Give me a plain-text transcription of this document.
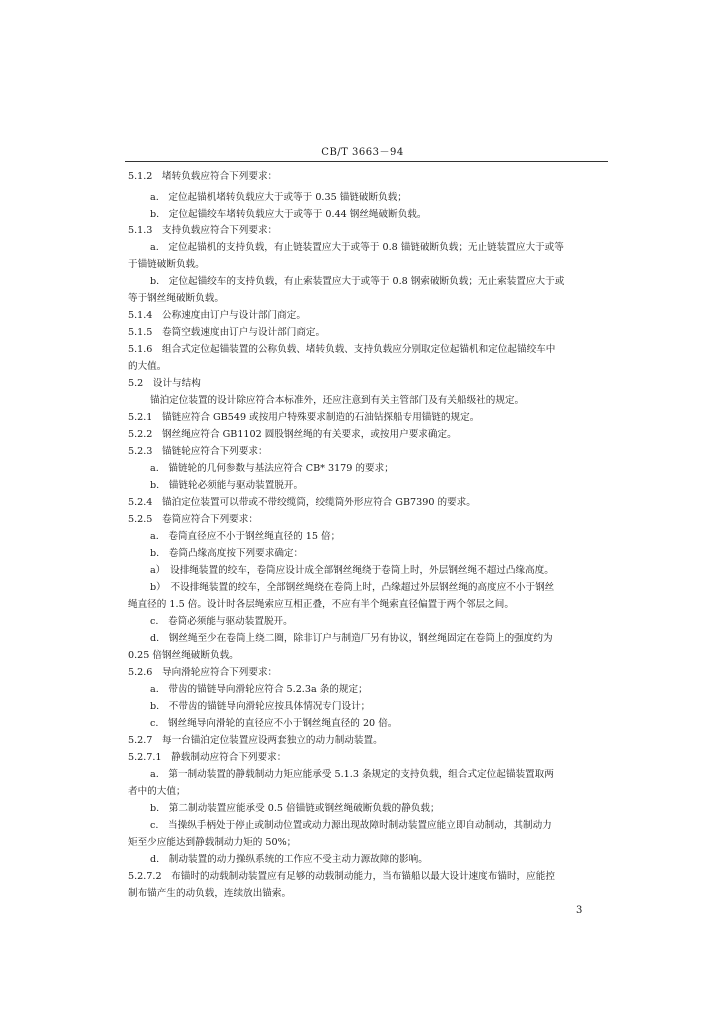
CB/T 3663－94
5.1.2　堵转负载应符合下列要求：
a.　定位起锚机堵转负载应大于或等于 0.35 锚链破断负载；
b.　定位起锚绞车堵转负载应大于或等于 0.44 钢丝绳破断负载。
5.1.3　支持负载应符合下列要求：
a.　定位起锚机的支持负载，有止链装置应大于或等于 0.8 锚链破断负载；无止链装置应大于或等
于锚链破断负载。
b.　定位起锚绞车的支持负载，有止索装置应大于或等于 0.8 钢索破断负载；无止索装置应大于或
等于钢丝绳破断负载。
5.1.4　公称速度由订户与设计部门商定。
5.1.5　卷筒空载速度由订户与设计部门商定。
5.1.6　组合式定位起锚装置的公称负载、堵转负载、支持负载应分别取定位起锚机和定位起锚绞车中
的大值。
5.2　设计与结构
锚泊定位装置的设计除应符合本标准外，还应注意到有关主管部门及有关船级社的规定。
5.2.1　锚链应符合 GB549 或按用户特殊要求制造的石油钻探船专用锚链的规定。
5.2.2　钢丝绳应符合 GB1102 圆股钢丝绳的有关要求，或按用户要求确定。
5.2.3　锚链轮应符合下列要求：
a.　锚链轮的几何参数与基法应符合 CB* 3179 的要求；
b.　锚链轮必须能与驱动装置脱开。
5.2.4　锚泊定位装置可以带或不带绞缆筒，绞缆筒外形应符合 GB7390 的要求。
5.2.5　卷筒应符合下列要求：
a.　卷筒直径应不小于钢丝绳直径的 15 倍；
b.　卷筒凸缘高度按下列要求确定：
a）　设排绳装置的绞车，卷筒应设计成全部钢丝绳绕于卷筒上时，外层钢丝绳不超过凸缘高度。
b）　不设排绳装置的绞车，全部钢丝绳绕在卷筒上时，凸缘超过外层钢丝绳的高度应不小于钢丝
绳直径的 1.5 倍。设计时各层绳索应互相正叠，不应有半个绳索直径偏置于两个邻层之间。
c.　卷筒必须能与驱动装置脱开。
d.　钢丝绳至少在卷筒上绕二圈，除非订户与制造厂另有协议，钢丝绳固定在卷筒上的强度约为
0.25 倍钢丝绳破断负载。
5.2.6　导向滑轮应符合下列要求：
a.　带齿的锚链导向滑轮应符合 5.2.3a 条的规定；
b.　不带齿的锚链导向滑轮应按具体情况专门设计；
c.　钢丝绳导向滑轮的直径应不小于钢丝绳直径的 20 倍。
5.2.7　每一台锚泊定位装置应设两套独立的动力制动装置。
5.2.7.1　静载制动应符合下列要求：
a.　第一制动装置的静载制动力矩应能承受 5.1.3 条规定的支持负载，组合式定位起锚装置取两
者中的大值；
b.　第二制动装置应能承受 0.5 倍锚链或钢丝绳破断负载的静负载；
c.　当操纵手柄处于停止或制动位置或动力源出现故障时制动装置应能立即自动制动，其制动力
矩至少应能达到静载制动力矩的 50%；
d.　制动装置的动力操纵系统的工作应不受主动力源故障的影响。
5.2.7.2　布锚时的动载制动装置应有足够的动载制动能力，当布锚船以最大设计速度布锚时，应能控
制布锚产生的动负载，连续放出锚索。
3
